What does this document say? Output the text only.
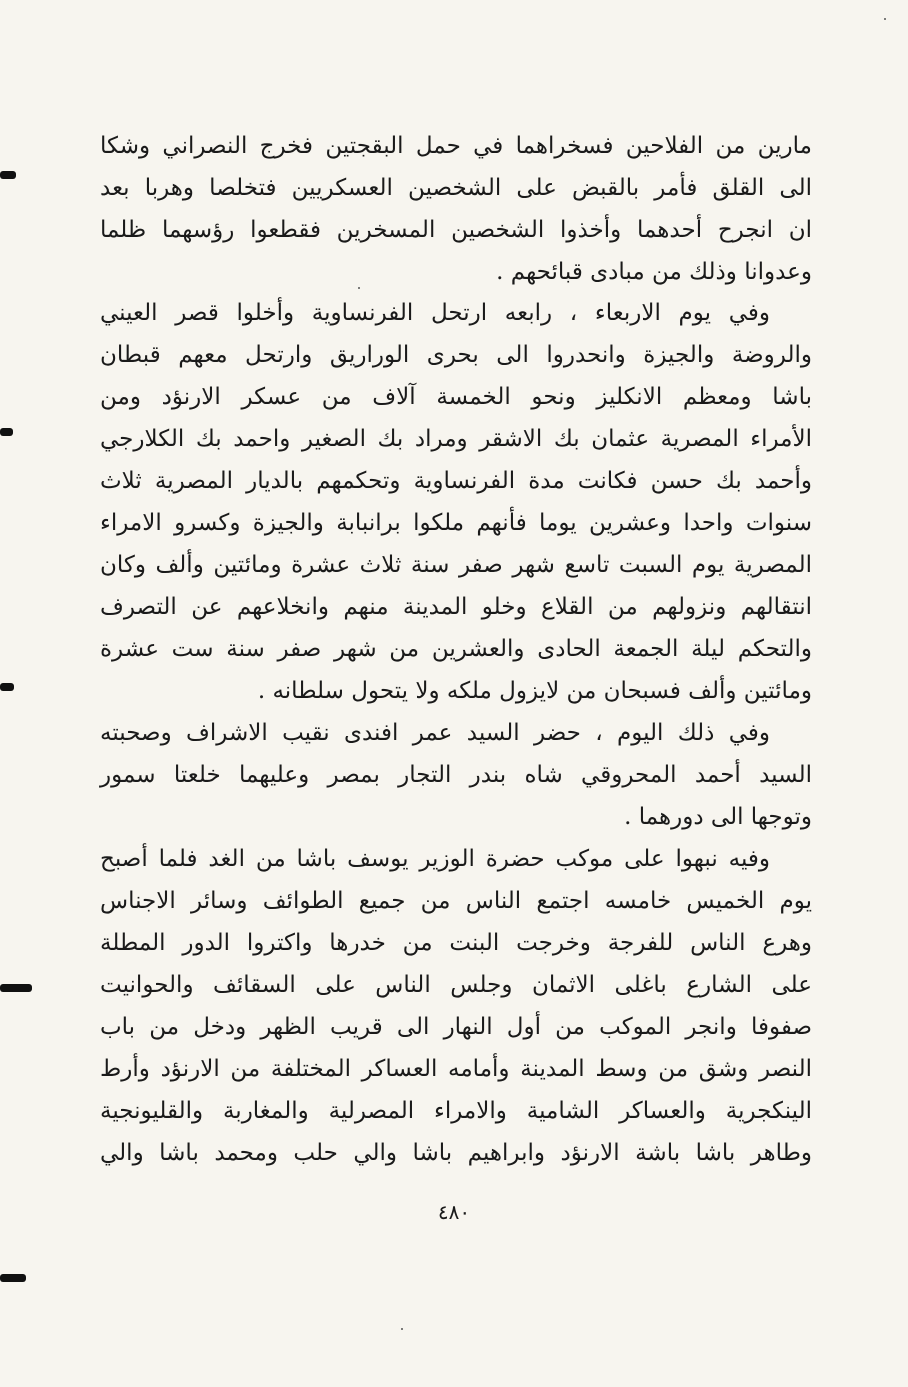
مارين من الفلاحين فسخراهما في حمل البقجتين فخرج النصراني وشكا
الى القلق فأمر بالقبض على الشخصين العسكريين فتخلصا وهربا بعد
ان انجرح أحدهما وأخذوا الشخصين المسخرين فقطعوا رؤسهما ظلما
وعدوانا وذلك من مبادى قبائحهم .
وفي يوم الاربعاء ، رابعه ارتحل الفرنساوية وأخلوا قصر العيني
والروضة والجيزة وانحدروا الى بحرى الوراريق وارتحل معهم قبطان
باشا ومعظم الانكليز ونحو الخمسة آلاف من عسكر الارنؤد ومن
الأمراء المصرية عثمان بك الاشقر ومراد بك الصغير واحمد بك الكلارجي
وأحمد بك حسن فكانت مدة الفرنساوية وتحكمهم بالديار المصرية ثلاث
سنوات واحدا وعشرين يوما فأنهم ملكوا برانبابة والجيزة وكسرو الامراء
المصرية يوم السبت تاسع شهر صفر سنة ثلاث عشرة ومائتين وألف وكان
انتقالهم ونزولهم من القلاع وخلو المدينة منهم وانخلاعهم عن التصرف
والتحكم ليلة الجمعة الحادى والعشرين من شهر صفر سنة ست عشرة
ومائتين وألف فسبحان من لايزول ملكه ولا يتحول سلطانه .
وفي ذلك اليوم ، حضر السيد عمر افندى نقيب الاشراف وصحبته
السيد أحمد المحروقي شاه بندر التجار بمصر وعليهما خلعتا سمور
وتوجها الى دورهما .
وفيه نبهوا على موكب حضرة الوزير يوسف باشا من الغد فلما أصبح
يوم الخميس خامسه اجتمع الناس من جميع الطوائف وسائر الاجناس
وهرع الناس للفرجة وخرجت البنت من خدرها واكتروا الدور المطلة
على الشارع باغلى الاثمان وجلس الناس على السقائف والحوانيت
صفوفا وانجر الموكب من أول النهار الى قريب الظهر ودخل من باب
النصر وشق من وسط المدينة وأمامه العساكر المختلفة من الارنؤد وأرط
الينكجرية والعساكر الشامية والامراء المصرلية والمغاربة والقليونجية
وطاهر باشا باشة الارنؤد وابراهيم باشا والي حلب ومحمد باشا والي
٤٨٠
